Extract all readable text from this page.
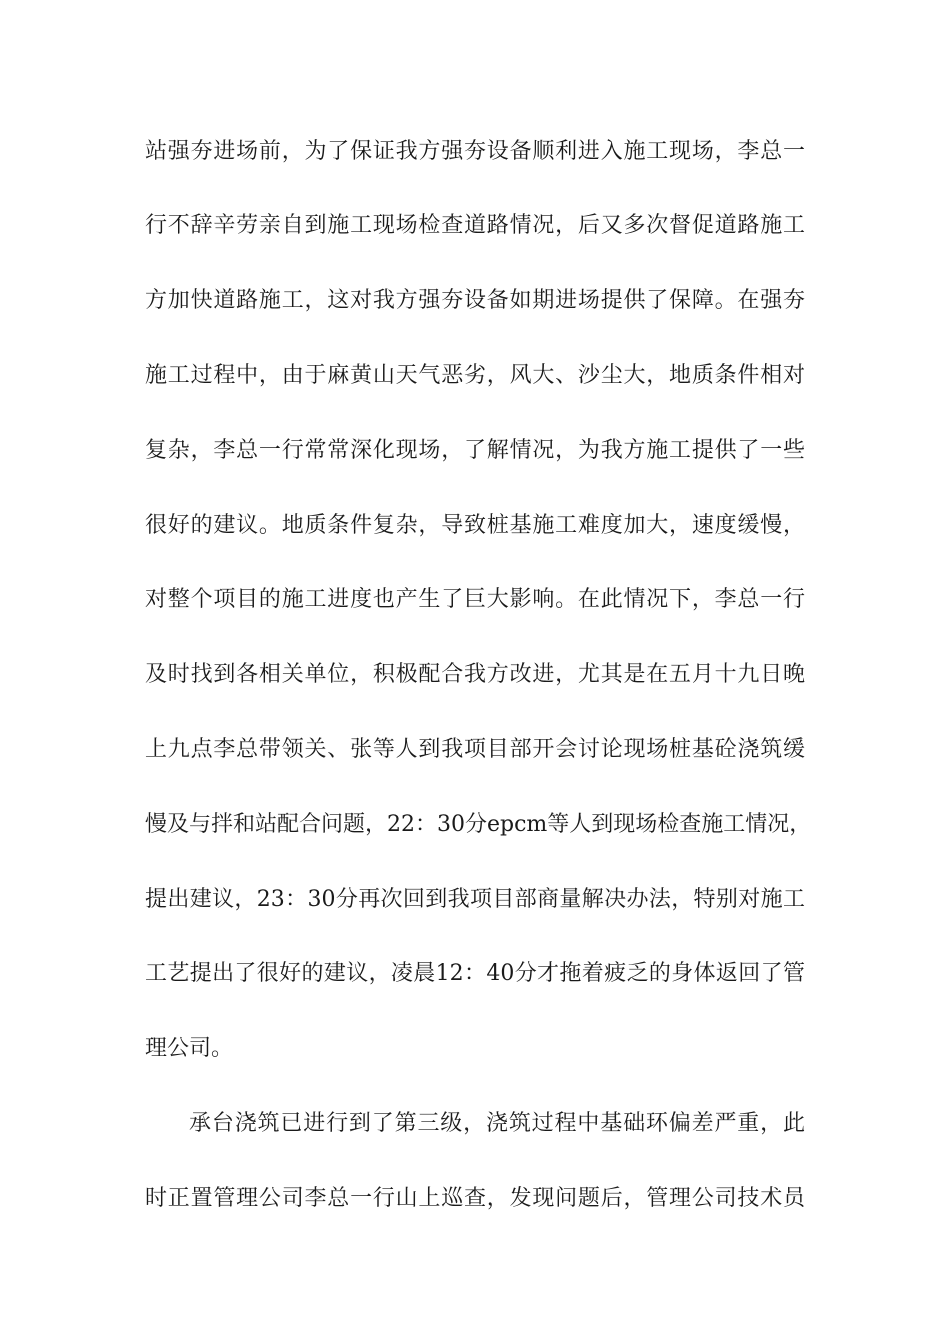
站强夯进场前，为了保证我方强夯设备顺利进入施工现场，李总一
行不辞辛劳亲自到施工现场检查道路情况，后又多次督促道路施工
方加快道路施工，这对我方强夯设备如期进场提供了保障。在强夯
施工过程中，由于麻黄山天气恶劣，风大、沙尘大，地质条件相对
复杂，李总一行常常深化现场，了解情况，为我方施工提供了一些
很好的建议。地质条件复杂，导致桩基施工难度加大，速度缓慢，
对整个项目的施工进度也产生了巨大影响。在此情况下，李总一行
及时找到各相关单位，积极配合我方改进，尤其是在五月十九日晚
上九点李总带领关、张等人到我项目部开会讨论现场桩基砼浇筑缓
慢及与拌和站配合问题，22：30分epcm等人到现场检查施工情况，
提出建议，23：30分再次回到我项目部商量解决办法，特别对施工
工艺提出了很好的建议，凌晨12：40分才拖着疲乏的身体返回了管
理公司。
承台浇筑已进行到了第三级，浇筑过程中基础环偏差严重，此
时正置管理公司李总一行山上巡查，发现问题后，管理公司技术员
